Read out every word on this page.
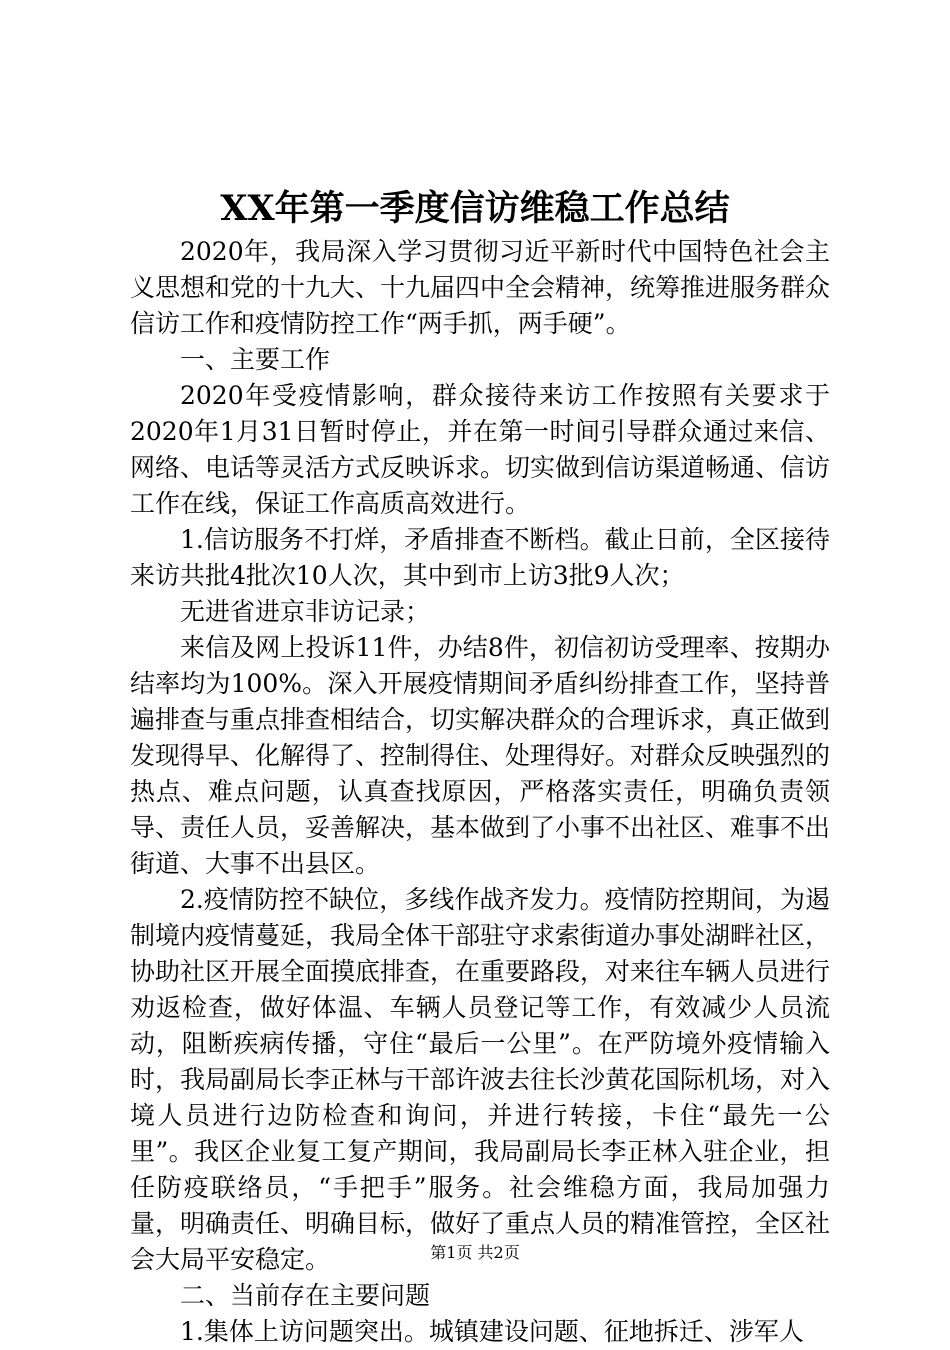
XX年第一季度信访维稳工作总结

2020年，我局深入学习贯彻习近平新时代中国特色社会主义思想和党的十九大、十九届四中全会精神，统筹推进服务群众信访工作和疫情防控工作“两手抓，两手硬”。

一、主要工作

2020年受疫情影响，群众接待来访工作按照有关要求于2020年1月31日暂时停止，并在第一时间引导群众通过来信、网络、电话等灵活方式反映诉求。切实做到信访渠道畅通、信访工作在线，保证工作高质高效进行。

1.信访服务不打烊，矛盾排查不断档。截止日前，全区接待来访共批4批次10人次，其中到市上访3批9人次；

无进省进京非访记录；

来信及网上投诉11件，办结8件，初信初访受理率、按期办结率均为100%。深入开展疫情期间矛盾纠纷排查工作，坚持普遍排查与重点排查相结合，切实解决群众的合理诉求，真正做到发现得早、化解得了、控制得住、处理得好。对群众反映强烈的热点、难点问题，认真查找原因，严格落实责任，明确负责领导、责任人员，妥善解决，基本做到了小事不出社区、难事不出街道、大事不出县区。

2.疫情防控不缺位，多线作战齐发力。疫情防控期间，为遏制境内疫情蔓延，我局全体干部驻守求索街道办事处湖畔社区，协助社区开展全面摸底排查，在重要路段，对来往车辆人员进行劝返检查，做好体温、车辆人员登记等工作，有效减少人员流动，阻断疾病传播，守住“最后一公里”。在严防境外疫情输入时，我局副局长李正林与干部许波去往长沙黄花国际机场，对入境人员进行边防检查和询问，并进行转接，卡住“最先一公里”。我区企业复工复产期间，我局副局长李正林入驻企业，担任防疫联络员，“手把手”服务。社会维稳方面，我局加强力量，明确责任、明确目标，做好了重点人员的精准管控，全区社会大局平安稳定。

二、当前存在主要问题

1.集体上访问题突出。城镇建设问题、征地拆迁、涉军人

第1页 共2页
